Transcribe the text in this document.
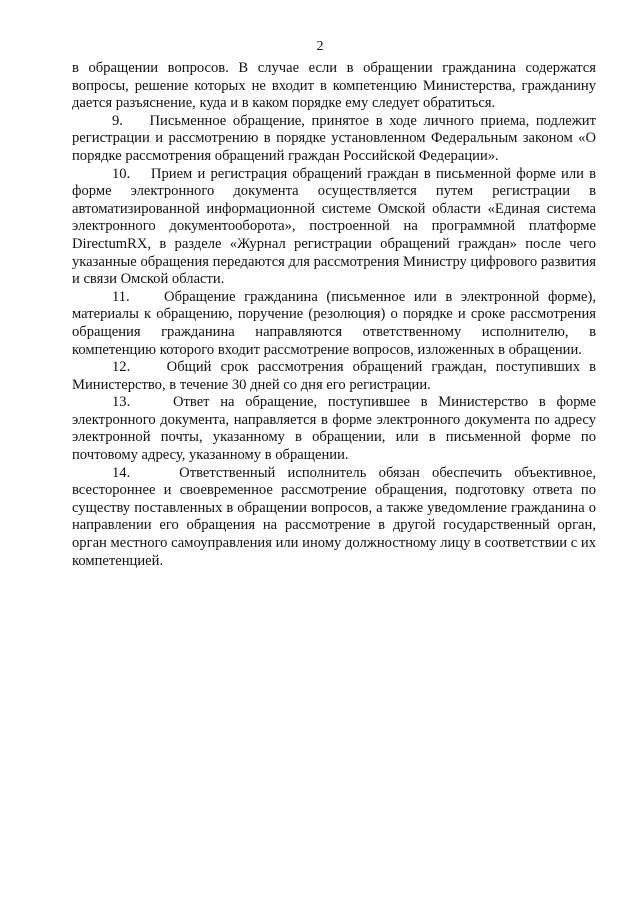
2

в обращении вопросов. В случае если в обращении гражданина содержатся вопросы, решение которых не входит в компетенцию Министерства, гражданину дается разъяснение, куда и в каком порядке ему следует обратиться.

9.    Письменное обращение, принятое в ходе личного приема, подлежит регистрации и рассмотрению в порядке установленном Федеральным законом «О порядке рассмотрения обращений граждан Российской Федерации».

10.    Прием и регистрация обращений граждан в письменной форме или в форме электронного документа осуществляется путем регистрации в автоматизированной информационной системе Омской области «Единая система электронного документооборота», построенной на программной платформе DirectumRX, в разделе «Журнал регистрации обращений граждан» после чего указанные обращения передаются для рассмотрения Министру цифрового развития и связи Омской области.

11.    Обращение гражданина (письменное или в электронной форме), материалы к обращению, поручение (резолюция) о порядке и сроке рассмотрения обращения гражданина направляются ответственному исполнителю, в компетенцию которого входит рассмотрение вопросов, изложенных в обращении.

12.    Общий срок рассмотрения обращений граждан, поступивших в Министерство, в течение 30 дней со дня его регистрации.

13.    Ответ на обращение, поступившее в Министерство в форме электронного документа, направляется в форме электронного документа по адресу электронной почты, указанному в обращении, или в письменной форме по почтовому адресу, указанному в обращении.

14.    Ответственный исполнитель обязан обеспечить объективное, всестороннее и своевременное рассмотрение обращения, подготовку ответа по существу поставленных в обращении вопросов, а также уведомление гражданина о направлении его обращения на рассмотрение в другой государственный орган, орган местного самоуправления или иному должностному лицу в соответствии с их компетенцией.
